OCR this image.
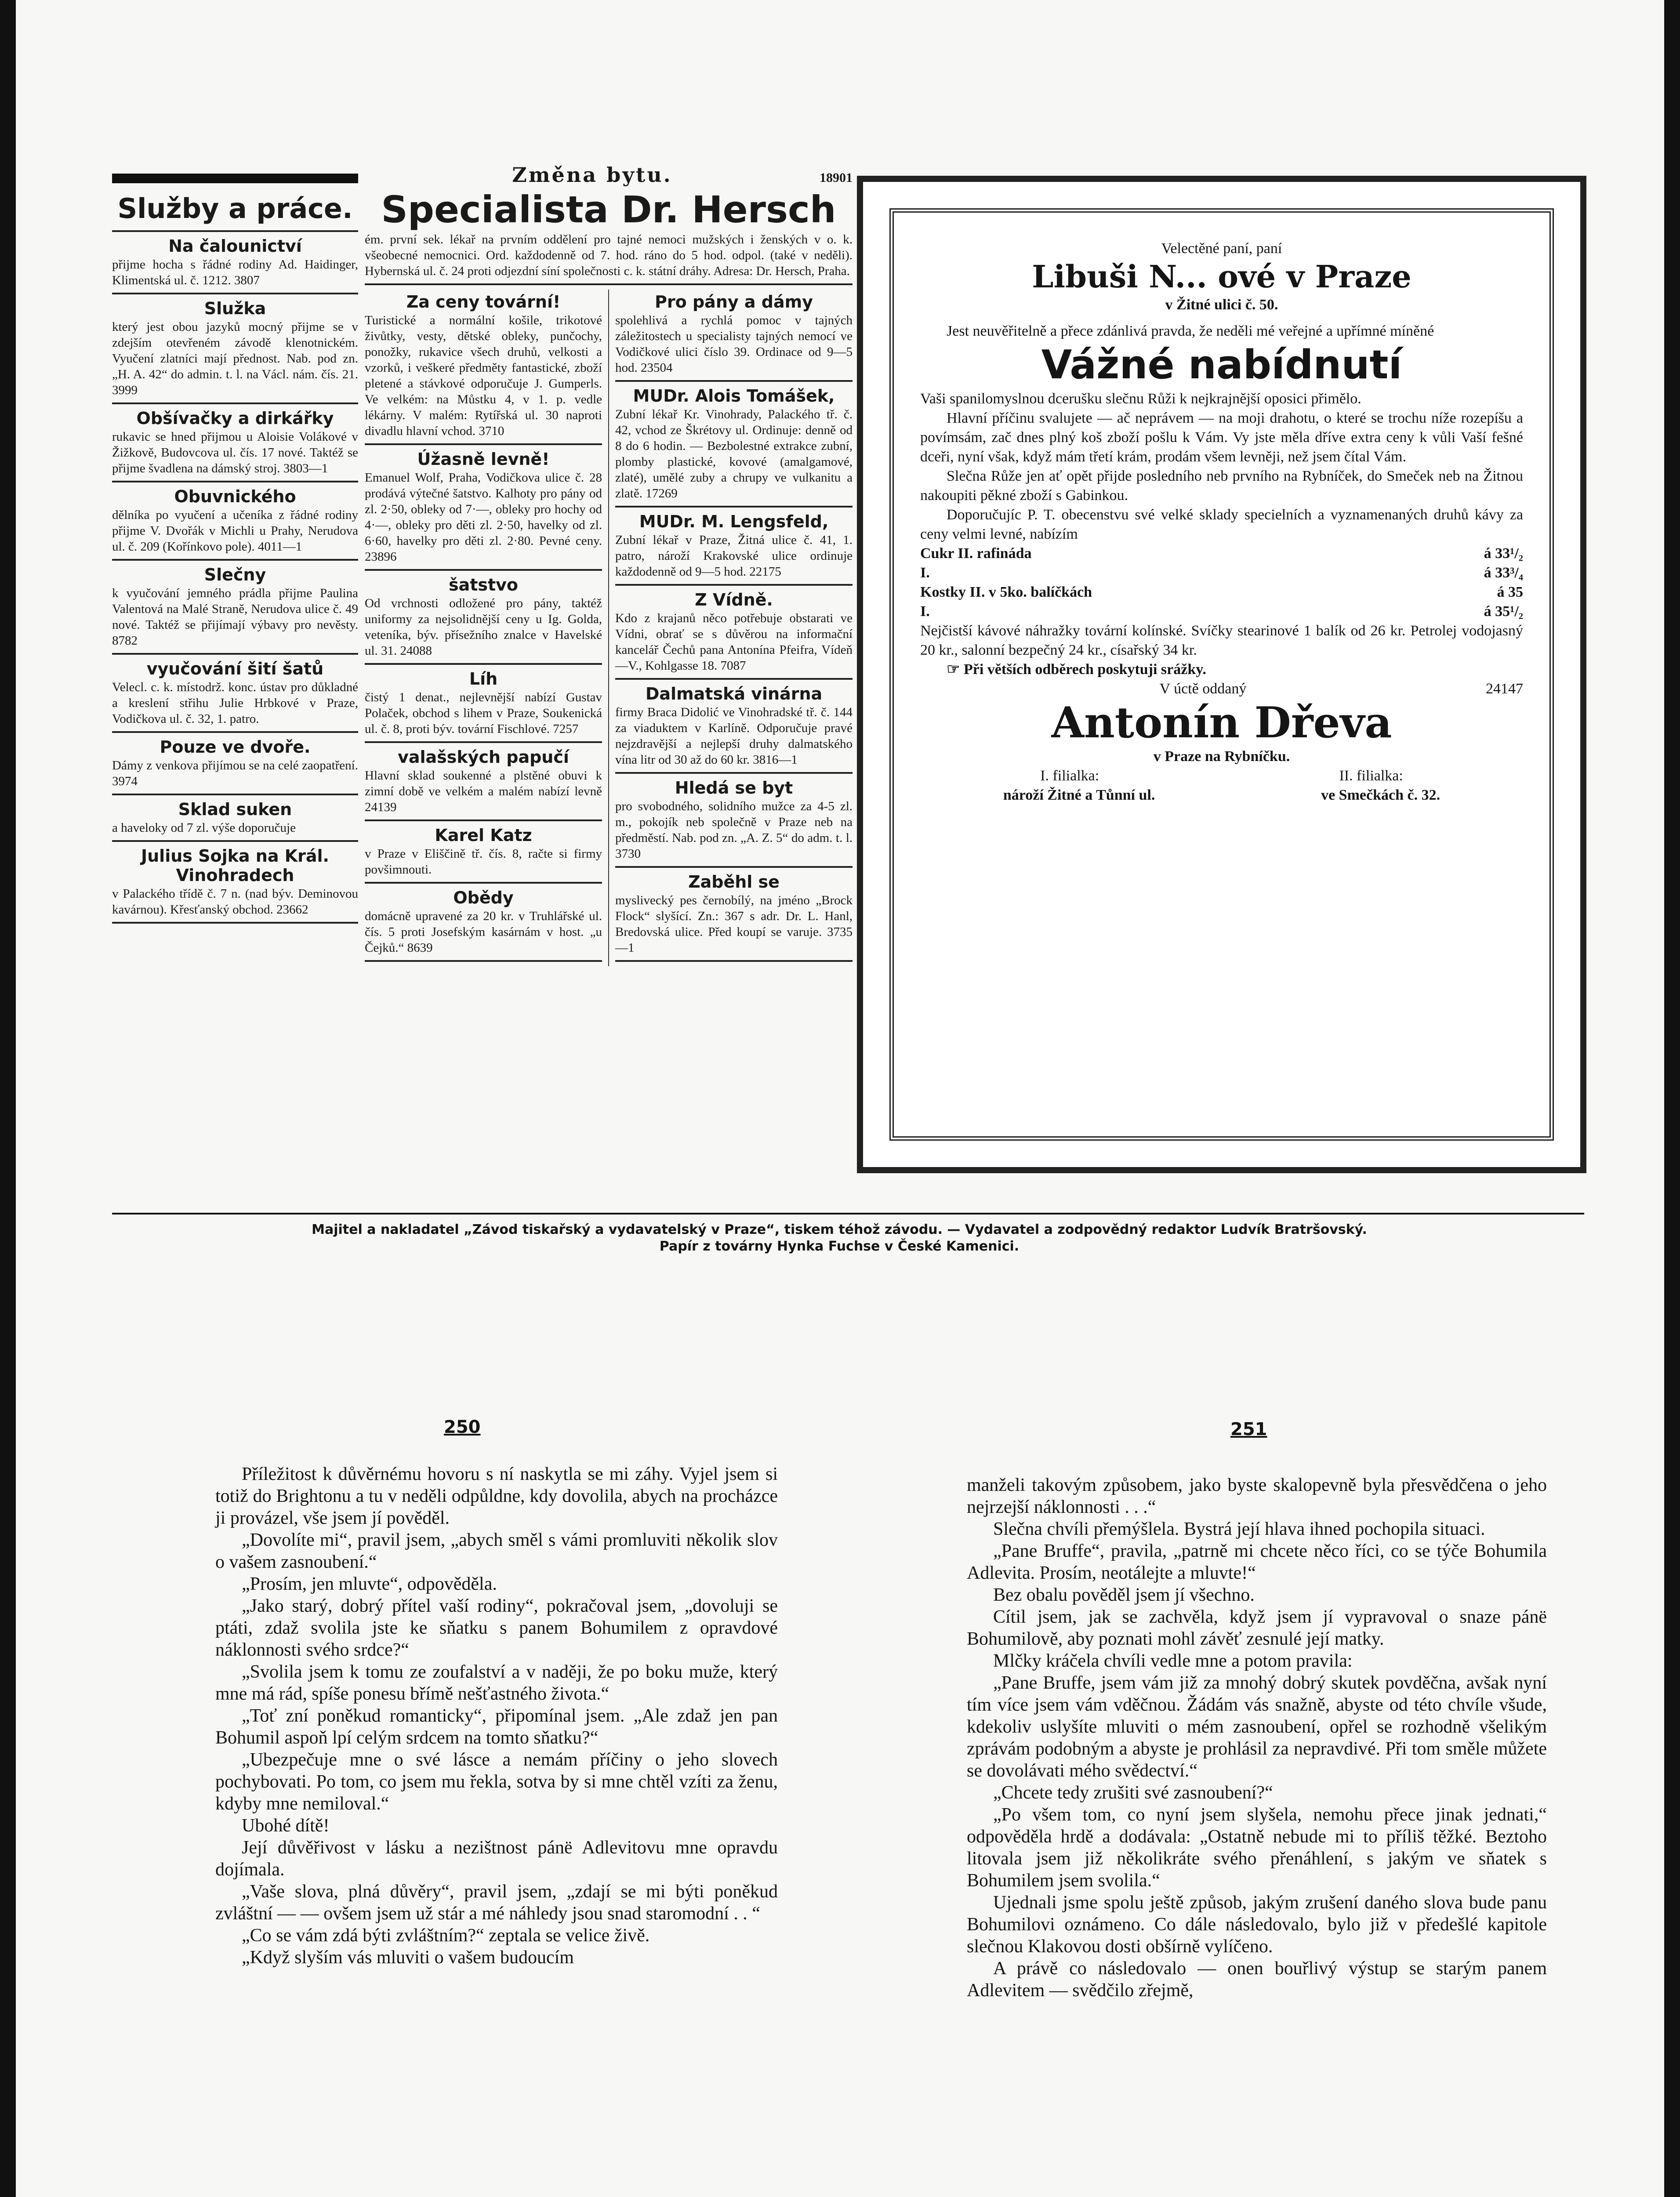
Služby a práce.
Na čalounictví

přijme hocha s řádné rodiny Ad. Haidinger, Klimentská ul. č. 1212. 3807

Služka

který jest obou jazyků mocný přijme se v zdejším otevřeném závodě klenotnickém. Vyučení zlatníci mají přednost. Nab. pod zn. „H. A. 42“ do admin. t. l. na Václ. nám. čís. 21. 3999

Obšívačky a dirkářky

rukavic se hned přijmou u Aloisie Volákové v Žižkově, Budovcova ul. čís. 17 nové. Taktéž se přijme švadlena na dámský stroj. 3803—1

Obuvnického

dělníka po vyučení a učeníka z řádné rodiny přijme V. Dvořák v Michli u Prahy, Nerudova ul. č. 209 (Kořínkovo pole). 4011—1

Slečny

k vyučování jemného prádla přijme Paulina Valentová na Malé Straně, Nerudova ulice č. 49 nové. Taktéž se přijímají výbavy pro nevěsty. 8782

vyučování šití šatů

Velecl. c. k. místodrž. konc. ústav pro důkladné a kreslení střihu Julie Hrbkové v Praze, Vodičkova ul. č. 32, 1. patro.

Pouze ve dvoře.

Dámy z venkova přijímou se na celé zaopatření. 3974

Sklad suken

a haveloky od 7 zl. výše doporučuje

Julius Sojka na Král. Vinohradech

v Palackého třídě č. 7 n. (nad býv. Deminovou kavárnou). Křesťanský obchod. 23662

Změna bytu.	18901
Specialista Dr. Hersch

ém. první sek. lékař na prvním oddělení pro tajné nemoci mužských i ženských v o. k. všeobecné nemocnici. Ord. každodenně od 7. hod. ráno do 5 hod. odpol. (také v neděli). Hybernská ul. č. 24 proti odjezdní síní společnosti c. k. státní dráhy. Adresa: Dr. Hersch, Praha.

Za ceny tovární!

Turistické a normální košile, trikotové živůtky, vesty, dětské obleky, punčochy, ponožky, rukavice všech druhů, velkosti a vzorků, i veškeré předměty fantastické, zboží pletené a stávkové odporučuje J. Gumperls. Ve velkém: na Můstku 4, v 1. p. vedle lékárny. V malém: Rytířská ul. 30 naproti divadlu hlavní vchod. 3710

Úžasně levně!

Emanuel Wolf, Praha, Vodičkova ulice č. 28 prodává výtečné šatstvo. Kalhoty pro pány od zl. 2·50, obleky od 7·—, obleky pro hochy od 4·—, obleky pro děti zl. 2·50, havelky od zl. 6·60, havelky pro děti zl. 2·80. Pevné ceny. 23896

šatstvo

Od vrchnosti odložené pro pány, taktéž uniformy za nejsolidnější ceny u Ig. Golda, veteníka, býv. přísežního znalce v Havelské ul. 31. 24088

Líh

čistý 1 denat., nejlevnější nabízí Gustav Polaček, obchod s lihem v Praze, Soukenická ul. č. 8, proti býv. tovární Fischlové. 7257

valašských papučí

Hlavní sklad soukenné a plstěné obuvi k zimní době ve velkém a malém nabízí levně 24139

Karel Katz

v Praze v Eliščině tř. čís. 8, račte si firmy povšimnouti.

Obědy

domácně upravené za 20 kr. v Truhlářské ul. čís. 5 proti Josefským kasárnám v host. „u Čejků.“ 8639

Pro pány a dámy

spolehlivá a rychlá pomoc v tajných záležitostech u specialisty tajných nemocí ve Vodičkové ulici číslo 39. Ordinace od 9—5 hod. 23504

MUDr. Alois Tomášek,

Zubní lékař Kr. Vinohrady, Palackého tř. č. 42, vchod ze Škrétovy ul. Ordinuje: denně od 8 do 6 hodin. — Bezbolestné extrakce zubní, plomby plastické, kovové (amalgamové, zlaté), umělé zuby a chrupy ve vulkanitu a zlatě. 17269

MUDr. M. Lengsfeld,

Zubní lékař v Praze, Žitná ulice č. 41, 1. patro, nároží Krakovské ulice ordinuje každodenně od 9—5 hod. 22175

Z Vídně.

Kdo z krajanů něco potřebuje obstarati ve Vídni, obrať se s důvěrou na informační kancelář Čechů pana Antonína Pfeifra, Vídeň—V., Kohlgasse 18. 7087

Dalmatská vinárna

firmy Braca Didolić ve Vinohradské tř. č. 144 za viaduktem v Karlíně. Odporučuje pravé nejzdravější a nejlepší druhy dalmatského vína litr od 30 až do 60 kr. 3816—1

Hledá se byt

pro svobodného, solidního mužce za 4-5 zl. m., pokojík neb společně v Praze neb na předměstí. Nab. pod zn. „A. Z. 5“ do adm. t. l. 3730

Zaběhl se

myslivecký pes černobílý, na jméno „Brock Flock“ slyšící. Zn.: 367 s adr. Dr. L. Hanl, Bredovská ulice. Před koupí se varuje. 3735—1

Velectěné paní, paní
Libuši N... ové v Praze
v Žitné ulici č. 50.

Jest neuvěřitelně a přece zdánlivá pravda, že neděli mé veřejné a upřímné míněné

Vážné nabídnutí

Vaši spanilomyslnou dcerušku slečnu Růži k nejkrajnější oposici přimělo.

Hlavní příčinu svalujete — ač neprávem — na moji drahotu, o které se trochu níže rozepíšu a povímsám, zač dnes plný koš zboží pošlu k Vám. Vy jste měla dříve extra ceny k vůli Vaší fešné dceři, nyní však, když mám třetí krám, prodám všem levněji, než jsem čítal Vám.

Slečna Růže jen ať opět přijde posledního neb prvního na Rybníček, do Smeček neb na Žitnou nakoupiti pěkné zboží s Gabinkou.

Doporučujíc P. T. obecenstvu své velké sklady specielních a vyznamenaných druhů kávy za ceny velmi levné, nabízím

Cukr II. rafináda	á 33¹/₂
I.	á 33³/₄
Kostky II. v 5ko. balíčkách	á 35
I.	á 35¹/₂

Nejčistší kávové náhražky tovární kolínské. Svíčky stearinové 1 balík od 26 kr. Petrolej vodojasný 20 kr., salonní bezpečný 24 kr., císařský 34 kr.

☞ Při větších odběrech poskytuji srážky.

V úctě oddaný	24147
Antonín Dřeva
v Praze na Rybníčku.
I. filialka:	II. filialka:
nároží Žitné a Tůnní ul.	ve Smečkách č. 32.
Majitel a nakladatel „Závod tiskařský a vydavatelský v Praze“, tiskem téhož závodu. — Vydavatel a zodpovědný redaktor Ludvík Bratršovský.
Papír z továrny Hynka Fuchse v České Kamenici.
250	251

Příležitost k důvěrnému hovoru s ní naskytla se mi záhy. Vyjel jsem si totiž do Brightonu a tu v neděli odpůldne, kdy dovolila, abych na procházce ji provázel, vše jsem jí pověděl.

„Dovolíte mi“, pravil jsem, „abych směl s vámi promluviti několik slov o vašem zasnoubení.“

„Prosím, jen mluvte“, odpověděla.

„Jako starý, dobrý přítel vaší rodiny“, pokračoval jsem, „dovoluji se ptáti, zdaž svolila jste ke sňatku s panem Bohumilem z opravdové náklonnosti svého srdce?“

„Svolila jsem k tomu ze zoufalství a v naději, že po boku muže, který mne má rád, spíše ponesu břímě nešťastného života.“

„Toť zní poněkud romanticky“, připomínal jsem. „Ale zdaž jen pan Bohumil aspoň lpí celým srdcem na tomto sňatku?“

„Ubezpečuje mne o své lásce a nemám příčiny o jeho slovech pochybovati. Po tom, co jsem mu řekla, sotva by si mne chtěl vzíti za ženu, kdyby mne nemiloval.“

Ubohé dítě!

Její důvěřivost v lásku a nezištnost pánë Adlevitovu mne opravdu dojímala.

„Vaše slova, plná důvěry“, pravil jsem, „zdají se mi býti poněkud zvláštní — — ovšem jsem už stár a mé náhledy jsou snad staromodní . . “

„Co se vám zdá býti zvláštním?“ zeptala se velice živě.

„Když slyším vás mluviti o vašem budoucím

manželi takovým způsobem, jako byste skalopevně byla přesvědčena o jeho nejrzejší náklonnosti . . .“

Slečna chvíli přemýšlela. Bystrá její hlava ihned pochopila situaci.

„Pane Bruffe“, pravila, „patrně mi chcete něco říci, co se týče Bohumila Adlevita. Prosím, neotálejte a mluvte!“

Bez obalu pověděl jsem jí všechno.

Cítil jsem, jak se zachvěla, když jsem jí vypravoval o snaze pánë Bohumilově, aby poznati mohl závěť zesnulé její matky.

Mlčky kráčela chvíli vedle mne a potom pravila:

„Pane Bruffe, jsem vám již za mnohý dobrý skutek povděčna, avšak nyní tím více jsem vám vděčnou. Žádám vás snažně, abyste od této chvíle všude, kdekoliv uslyšíte mluviti o mém zasnoubení, opřel se rozhodně všelikým zprávám podobným a abyste je prohlásil za nepravdivé. Při tom směle můžete se dovolávati mého svědectví.“

„Chcete tedy zrušiti své zasnoubení?“

„Po všem tom, co nyní jsem slyšela, nemohu přece jinak jednati,“ odpověděla hrdě a dodávala: „Ostatně nebude mi to příliš těžké. Beztoho litovala jsem již několikráte svého přenáhlení, s jakým ve sňatek s Bohumilem jsem svolila.“

Ujednali jsme spolu ještě způsob, jakým zrušení daného slova bude panu Bohumilovi oznámeno. Co dále následovalo, bylo již v předešlé kapitole slečnou Klakovou dosti obšírně vylíčeno.

A právě co následovalo — onen bouřlivý výstup se starým panem Adlevitem — svědčilo zřejmě,
